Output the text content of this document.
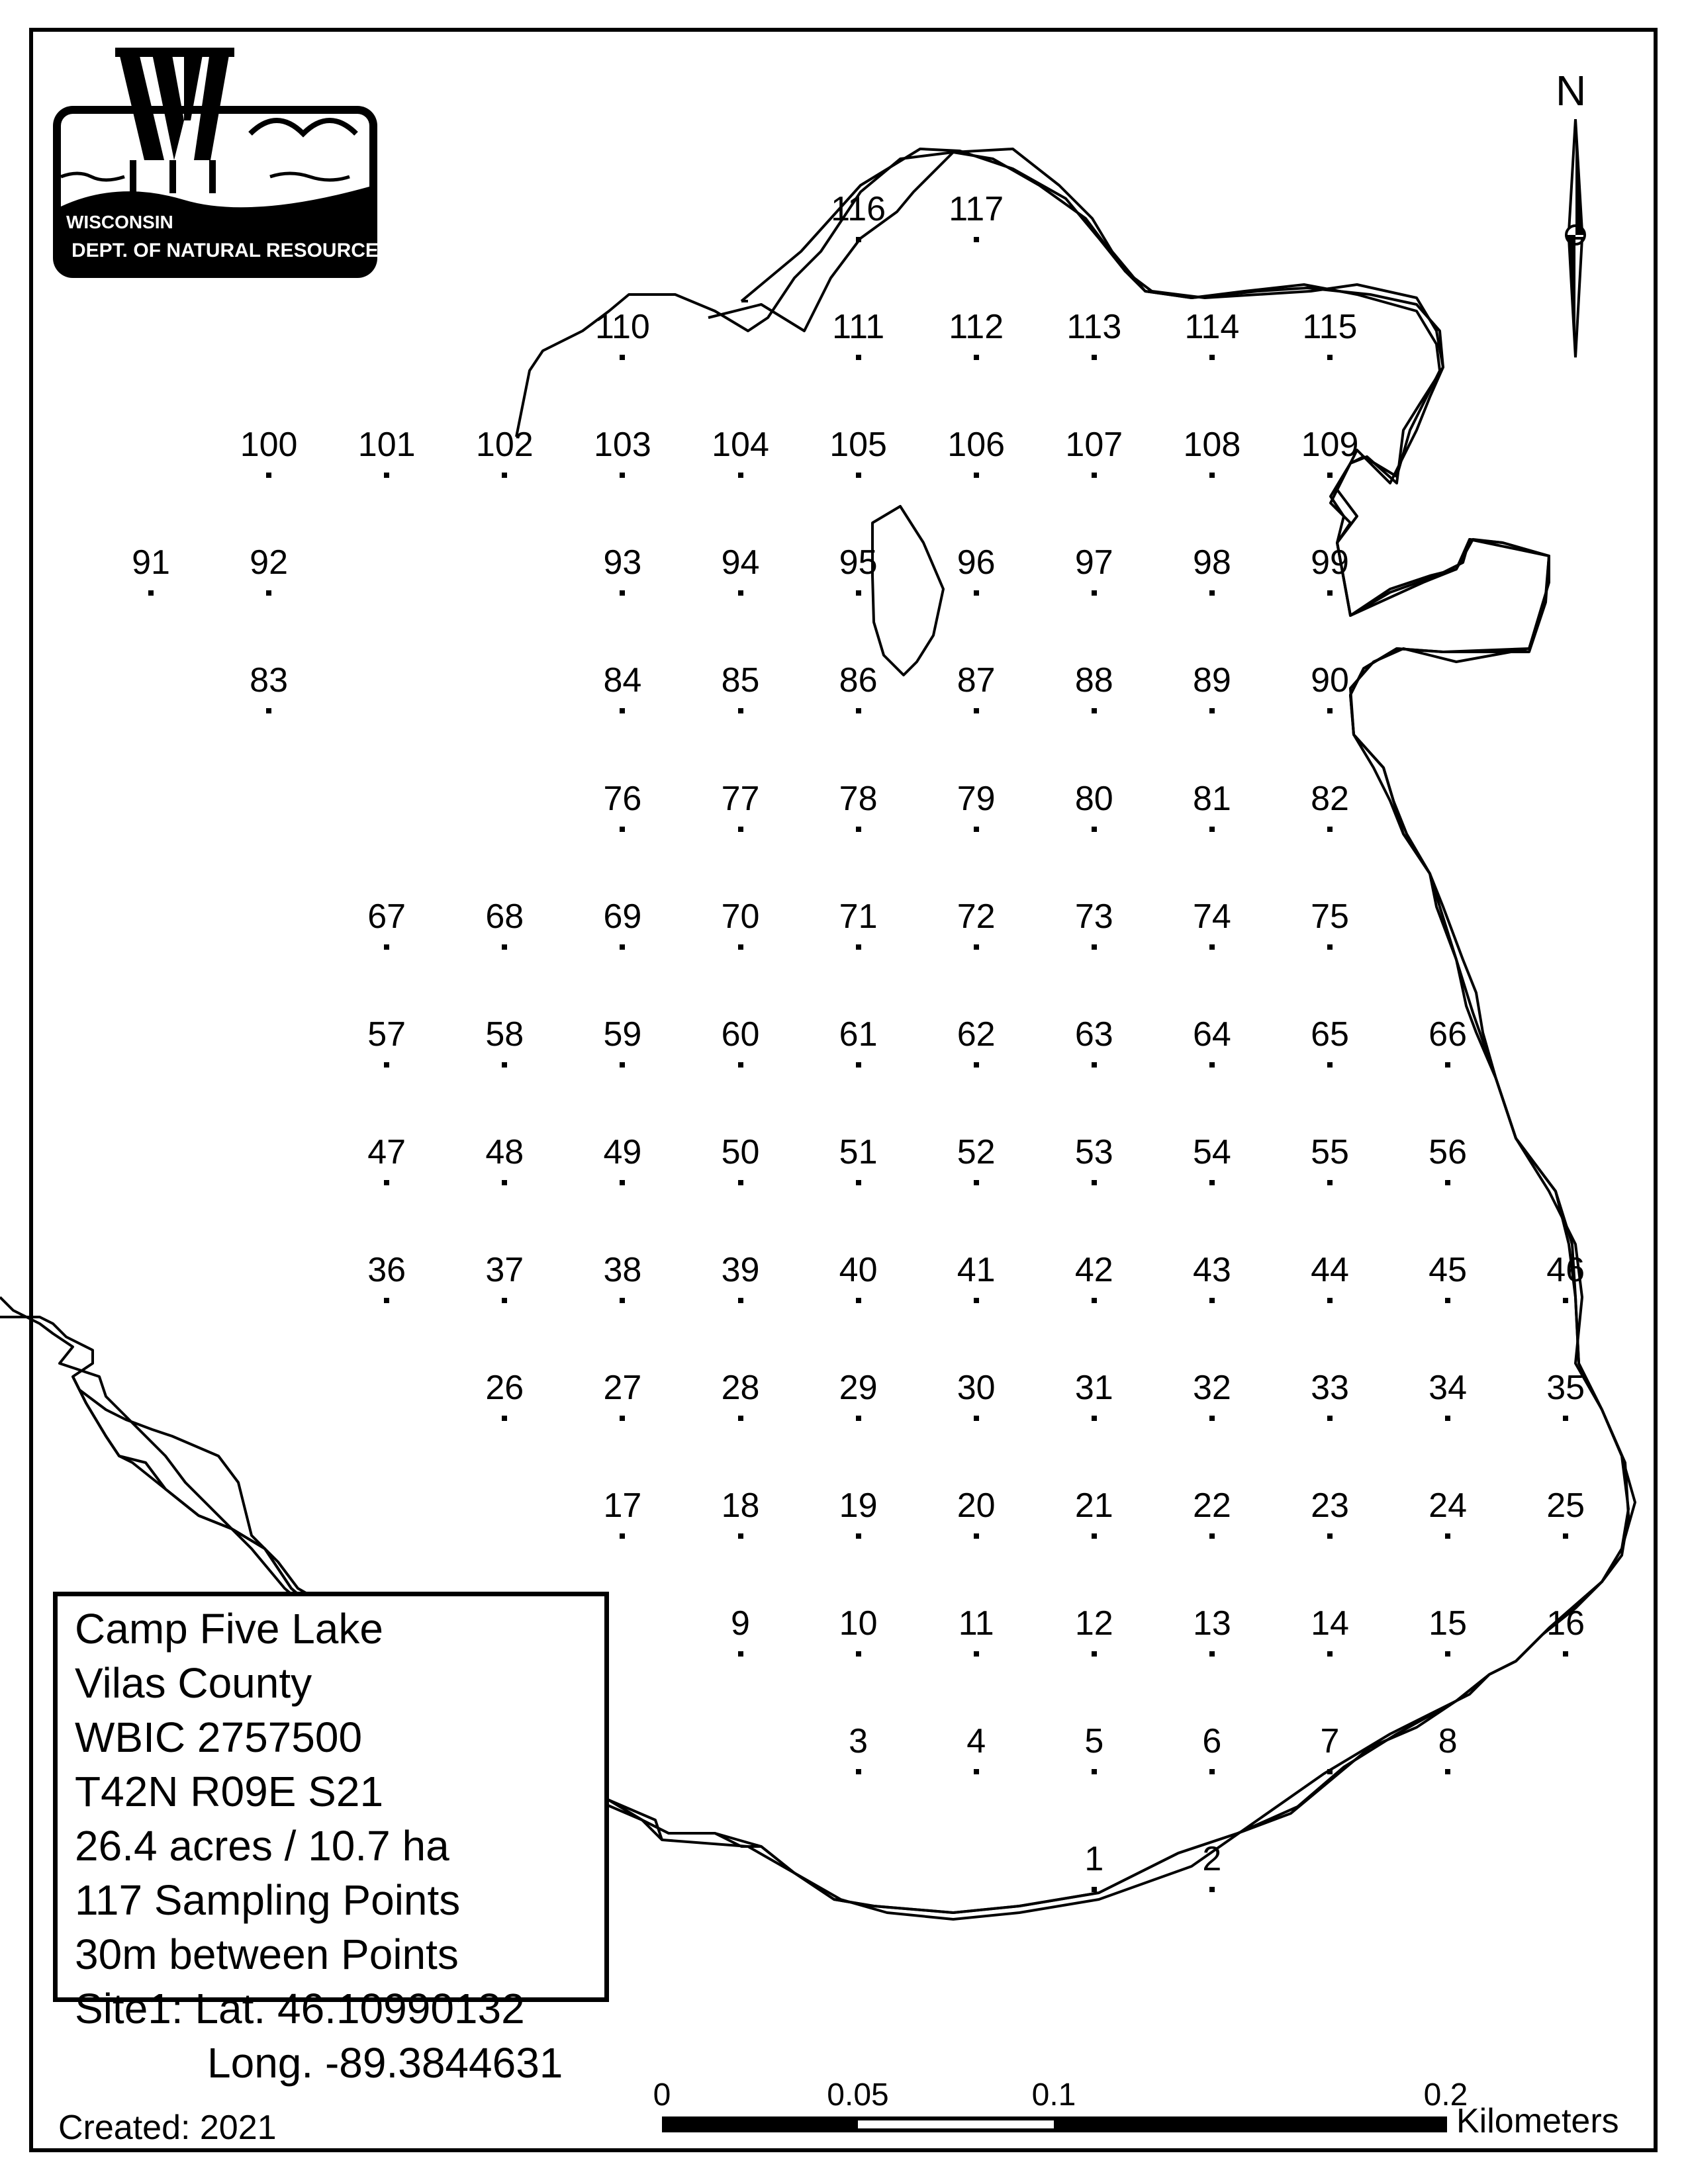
WISCONSIN
DEPT. OF NATURAL RESOURCES
N
1	2
3	4	5	6	7	8
9	10 11 12 13 14 15 16
17 18 19 20 21 22 23 24 25
26 27 28 29 30 31 32 33 34 35
36 37 38 39 40 41 42 43 44 45 46
47 48 49 50 51 52 53 54 55 56
57 58 59 60 61 62 63 64 65 66
67 68 69 70 71 72 73 74 75
76 77 78 79 80 81 82
83	84 85 86 87 88 89 90
91 92	93 94 95 96 97 98 99
100 101 102 103 104 105 106 107 108 109
110	111 112 113 114 115
116 117
Camp Five Lake
Vilas County
WBIC 2757500
T42N R09E S21
26.4 acres / 10.7 ha
117 Sampling Points
30m between Points
Site1: Lat. 46.10990132
Long. -89.3844631
Created: 2021
0	0.05	0.1	0.2
Kilometers
